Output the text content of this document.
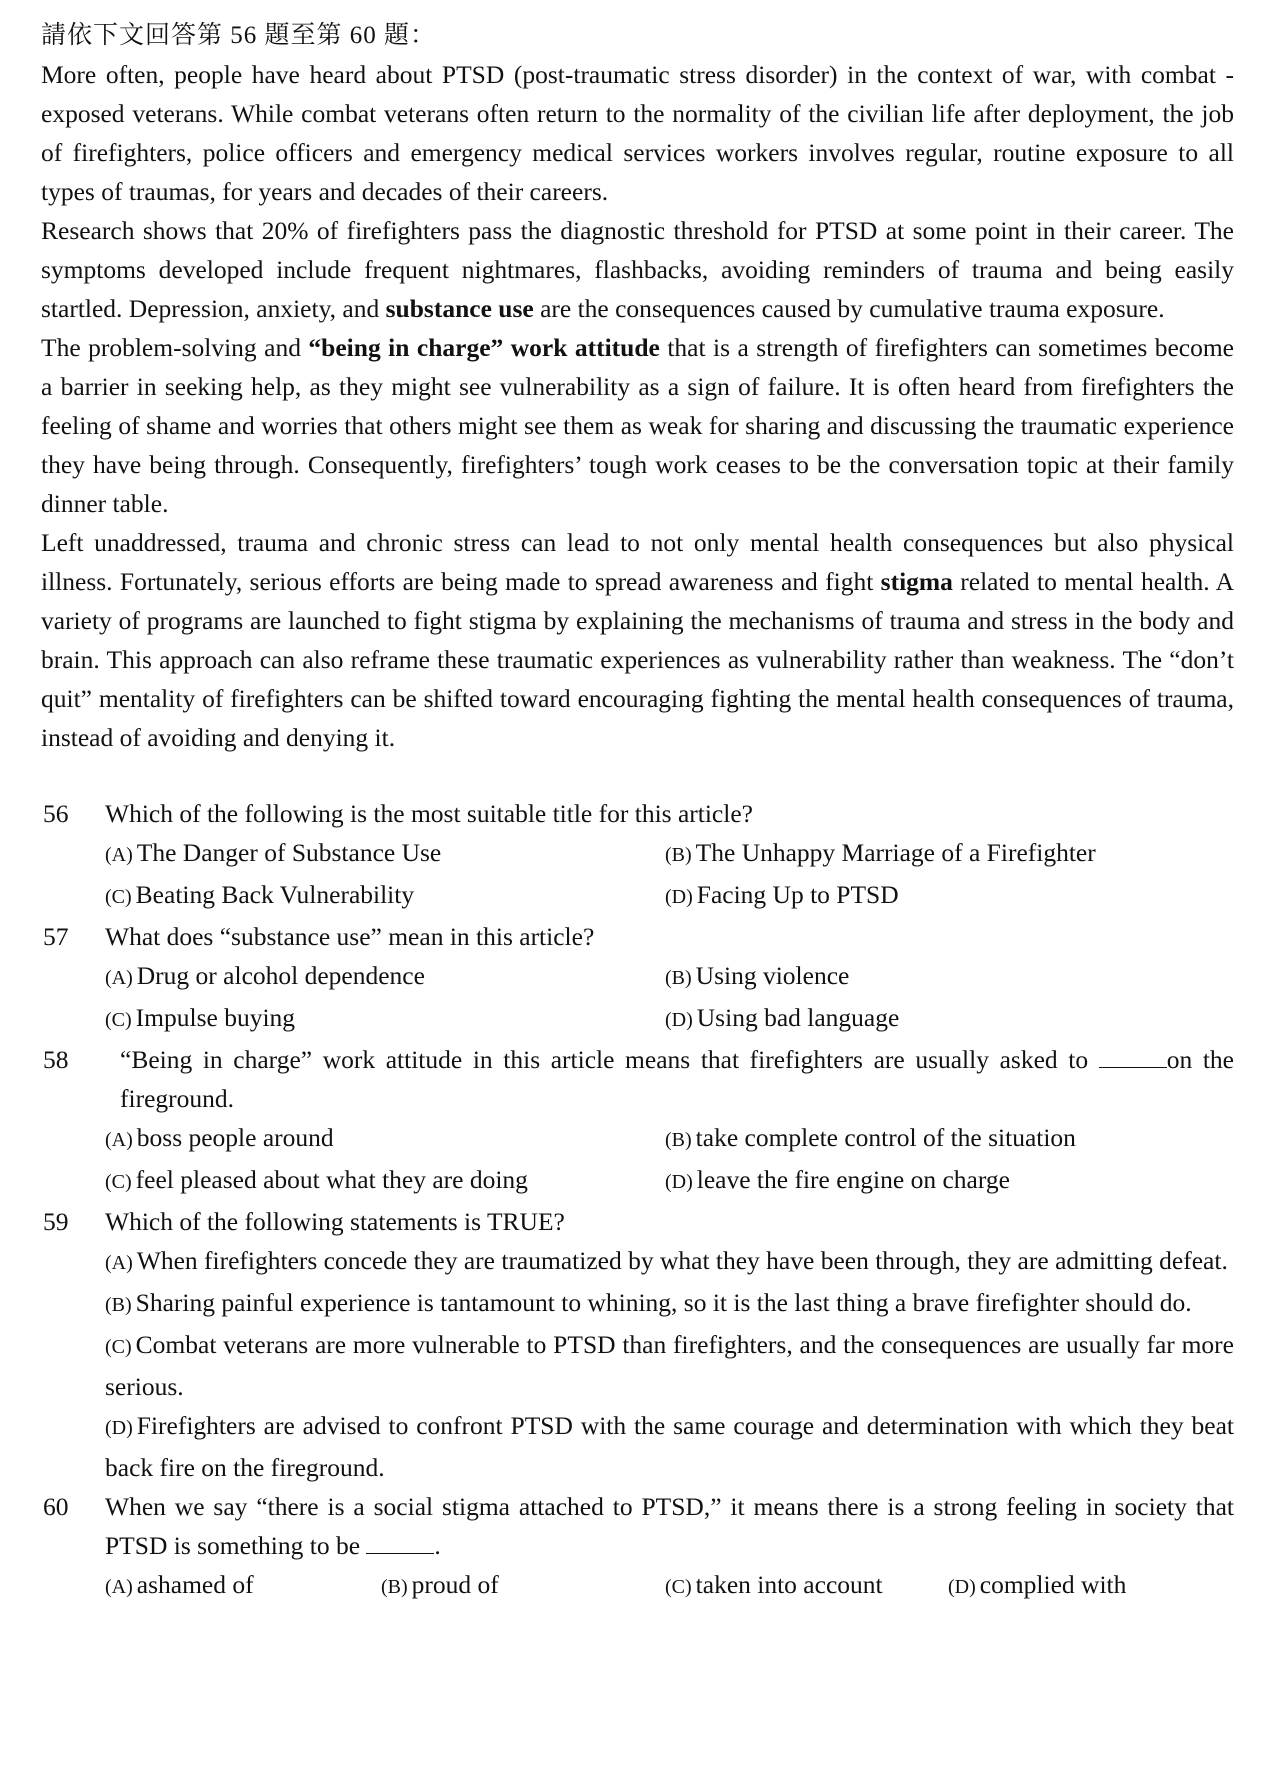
請依下文回答第 56 題至第 60 題：

More often, people have heard about PTSD (post-traumatic stress disorder) in the context of war, with combat -exposed veterans. While combat veterans often return to the normality of the civilian life after deployment, the job of firefighters, police officers and emergency medical services workers involves regular, routine exposure to all types of traumas, for years and decades of their careers.

Research shows that 20% of firefighters pass the diagnostic threshold for PTSD at some point in their career. The symptoms developed include frequent nightmares, flashbacks, avoiding reminders of trauma and being easily startled. Depression, anxiety, and substance use are the consequences caused by cumulative trauma exposure.

The problem-solving and “being in charge” work attitude that is a strength of firefighters can sometimes become a barrier in seeking help, as they might see vulnerability as a sign of failure. It is often heard from firefighters the feeling of shame and worries that others might see them as weak for sharing and discussing the traumatic experience they have being through. Consequently, firefighters’ tough work ceases to be the conversation topic at their family dinner table.

Left unaddressed, trauma and chronic stress can lead to not only mental health consequences but also physical illness. Fortunately, serious efforts are being made to spread awareness and fight stigma related to mental health. A variety of programs are launched to fight stigma by explaining the mechanisms of trauma and stress in the body and brain. This approach can also reframe these traumatic experiences as vulnerability rather than weakness. The “don’t quit” mentality of firefighters can be shifted toward encouraging fighting the mental health consequences of trauma, instead of avoiding and denying it.

56	Which of the following is the most suitable title for this article?
(A) The Danger of Substance Use	(B) The Unhappy Marriage of a Firefighter
(C) Beating Back Vulnerability	(D) Facing Up to PTSD
57	What does “substance use” mean in this article?
(A) Drug or alcohol dependence	(B) Using violence
(C) Impulse buying	(D) Using bad language
58	“Being in charge” work attitude in this article means that firefighters are usually asked to	on the fireground.
(A) boss people around	(B) take complete control of the situation
(C) feel pleased about what they are doing	(D) leave the fire engine on charge
59	Which of the following statements is TRUE?
(A) When firefighters concede they are traumatized by what they have been through, they are admitting defeat.
(B) Sharing painful experience is tantamount to whining, so it is the last thing a brave firefighter should do.
(C) Combat veterans are more vulnerable to PTSD than firefighters, and the consequences are usually far more serious.
(D) Firefighters are advised to confront PTSD with the same courage and determination with which they beat back fire on the fireground.
60	When we say “there is a social stigma attached to PTSD,” it means there is a strong feeling in society that PTSD is something to be	.
(A) ashamed of	(B) proud of	(C) taken into account	(D) complied with
